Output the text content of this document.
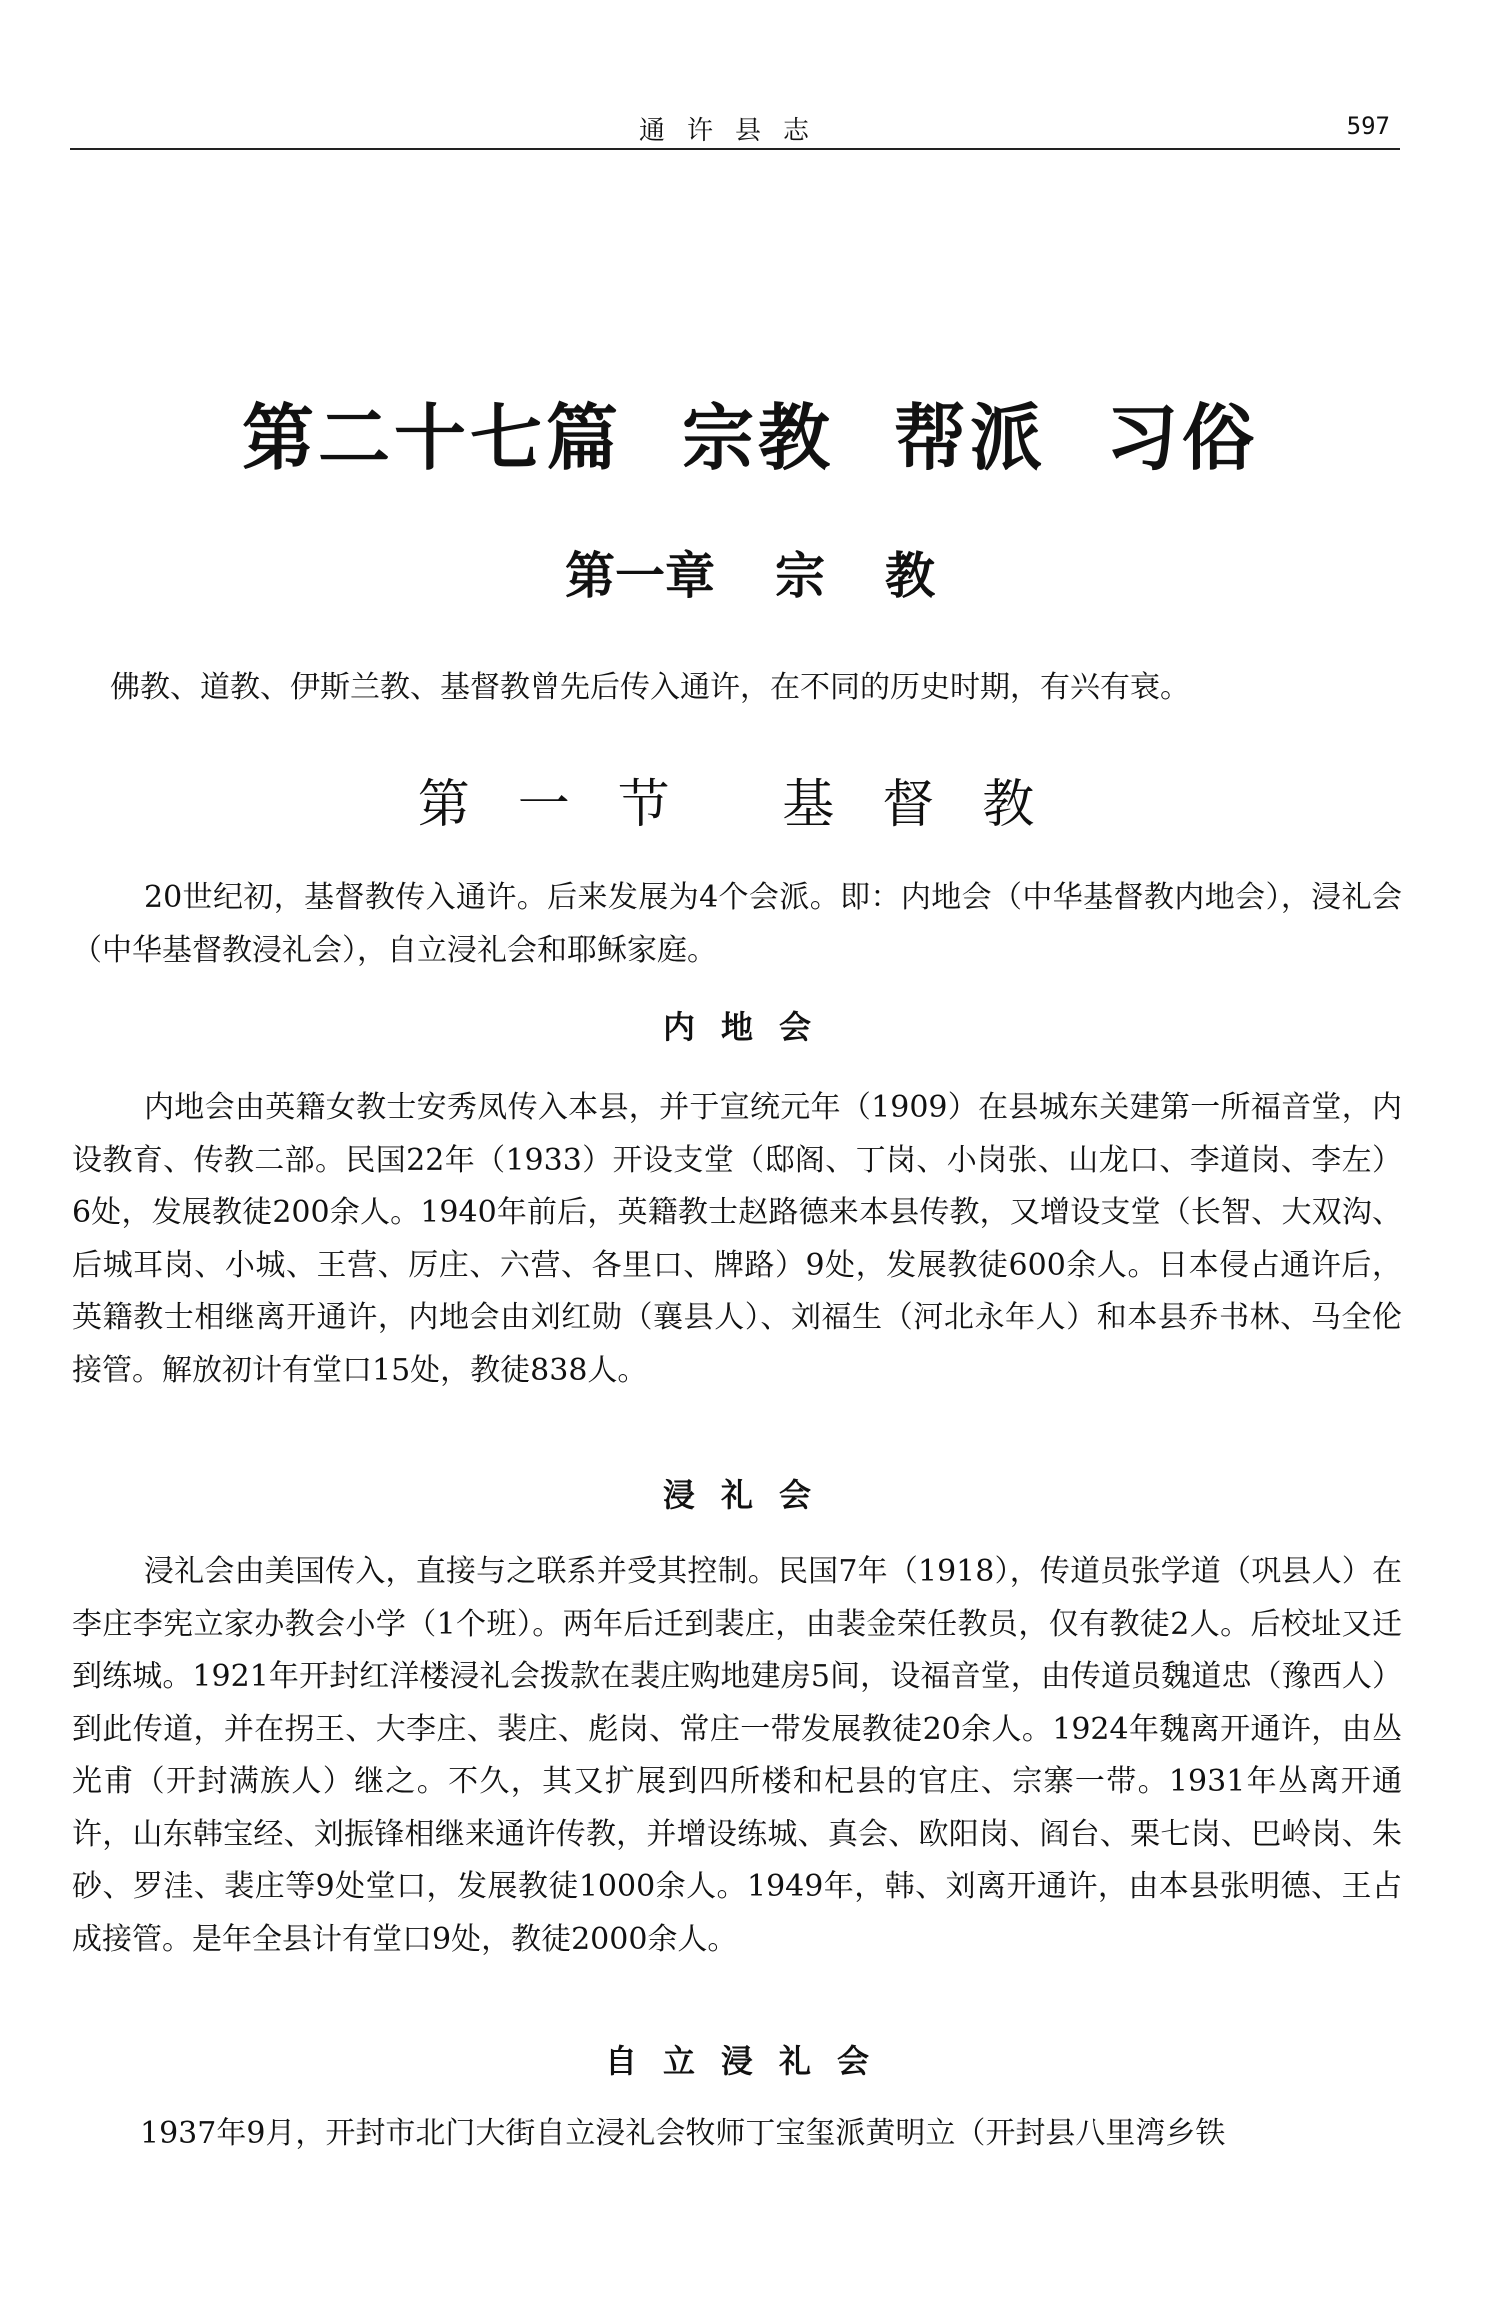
通许县志	597
第二十七篇 宗教 帮派 习俗
第一章 宗 教
佛教、道教、伊斯兰教、基督教曾先后传入通许，在不同的历史时期，有兴有衰。
第一节 基督教
20世纪初，基督教传入通许。后来发展为4个会派。即：内地会（中华基督教内地会），浸礼会（中华基督教浸礼会），自立浸礼会和耶稣家庭。
内地会
内地会由英籍女教士安秀凤传入本县，并于宣统元年（1909）在县城东关建第一所福音堂，内设教育、传教二部。民国22年（1933）开设支堂（邸阁、丁岗、小岗张、山龙口、李道岗、李左）6处，发展教徒200余人。1940年前后，英籍教士赵路德来本县传教，又增设支堂（长智、大双沟、后城耳岗、小城、王营、厉庄、六营、各里口、牌路）9处，发展教徒600余人。日本侵占通许后，英籍教士相继离开通许，内地会由刘红勋（襄县人）、刘福生（河北永年人）和本县乔书林、马全伦接管。解放初计有堂口15处，教徒838人。
浸礼会
浸礼会由美国传入，直接与之联系并受其控制。民国7年（1918），传道员张学道（巩县人）在李庄李宪立家办教会小学（1个班）。两年后迁到裴庄，由裴金荣任教员，仅有教徒2人。后校址又迁到练城。1921年开封红洋楼浸礼会拨款在裴庄购地建房5间，设福音堂，由传道员魏道忠（豫西人）到此传道，并在拐王、大李庄、裴庄、彪岗、常庄一带发展教徒20余人。1924年魏离开通许，由丛光甫（开封满族人）继之。不久，其又扩展到四所楼和杞县的官庄、宗寨一带。1931年丛离开通许，山东韩宝经、刘振锋相继来通许传教，并增设练城、真会、欧阳岗、阎台、栗七岗、巴岭岗、朱砂、罗洼、裴庄等9处堂口，发展教徒1000余人。1949年，韩、刘离开通许，由本县张明德、王占成接管。是年全县计有堂口9处，教徒2000余人。
自立浸礼会
1937年9月，开封市北门大街自立浸礼会牧师丁宝玺派黄明立（开封县八里湾乡铁
